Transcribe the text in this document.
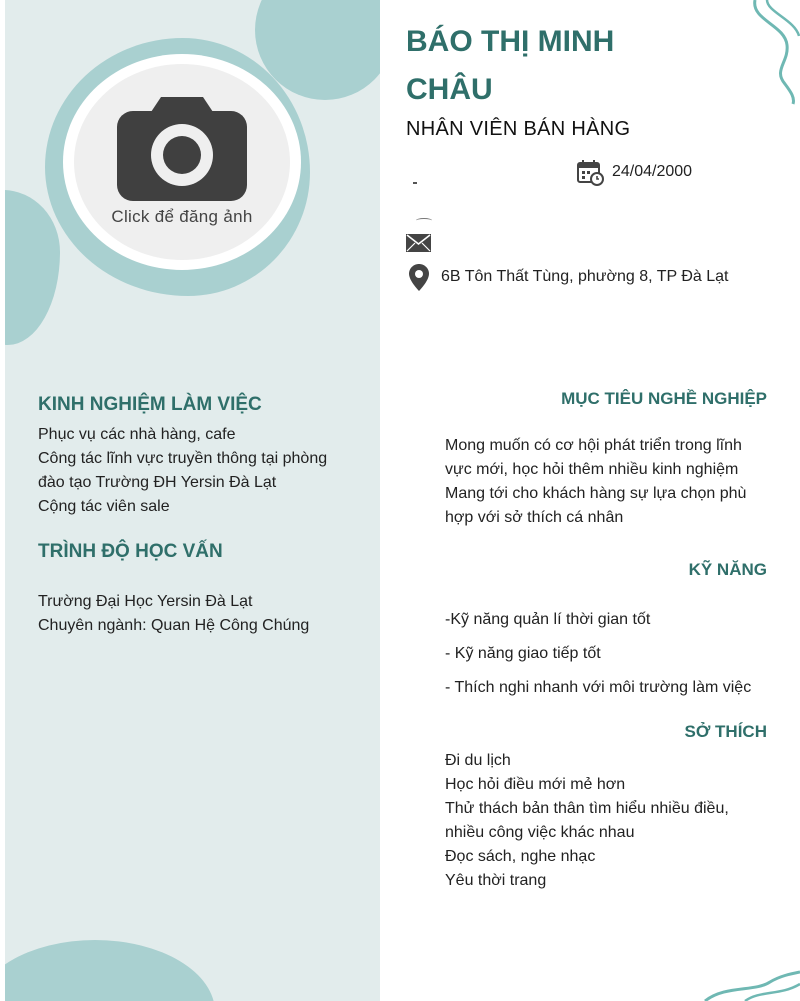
Click để đăng ảnh
KINH NGHIỆM LÀM VIỆC
Phục vụ các nhà hàng, cafe
Công tác lĩnh vực truyền thông tại phòng
đào tạo Trường ĐH Yersin Đà Lạt
Cộng tác viên sale
TRÌNH ĐỘ HỌC VẤN
Trường Đại Học Yersin Đà Lạt
Chuyên ngành: Quan Hệ Công Chúng
BÁO THỊ MINH
CHÂU
NHÂN VIÊN BÁN HÀNG
24/04/2000
6B Tôn Thất Tùng, phường 8, TP Đà Lạt
MỤC TIÊU NGHỀ NGHIỆP
Mong muốn có cơ hội phát triển trong lĩnh
vực mới, học hỏi thêm nhiều kinh nghiệm
Mang tới cho khách hàng sự lựa chọn phù
hợp với sở thích cá nhân
KỸ NĂNG
-Kỹ năng quản lí thời gian tốt
- Kỹ năng giao tiếp tốt
- Thích nghi nhanh với môi trường làm việc
SỞ THÍCH
Đi du lịch
Học hỏi điều mới mẻ hơn
Thử thách bản thân tìm hiểu nhiều điều,
nhiều công việc khác nhau
Đọc sách, nghe nhạc
Yêu thời trang
